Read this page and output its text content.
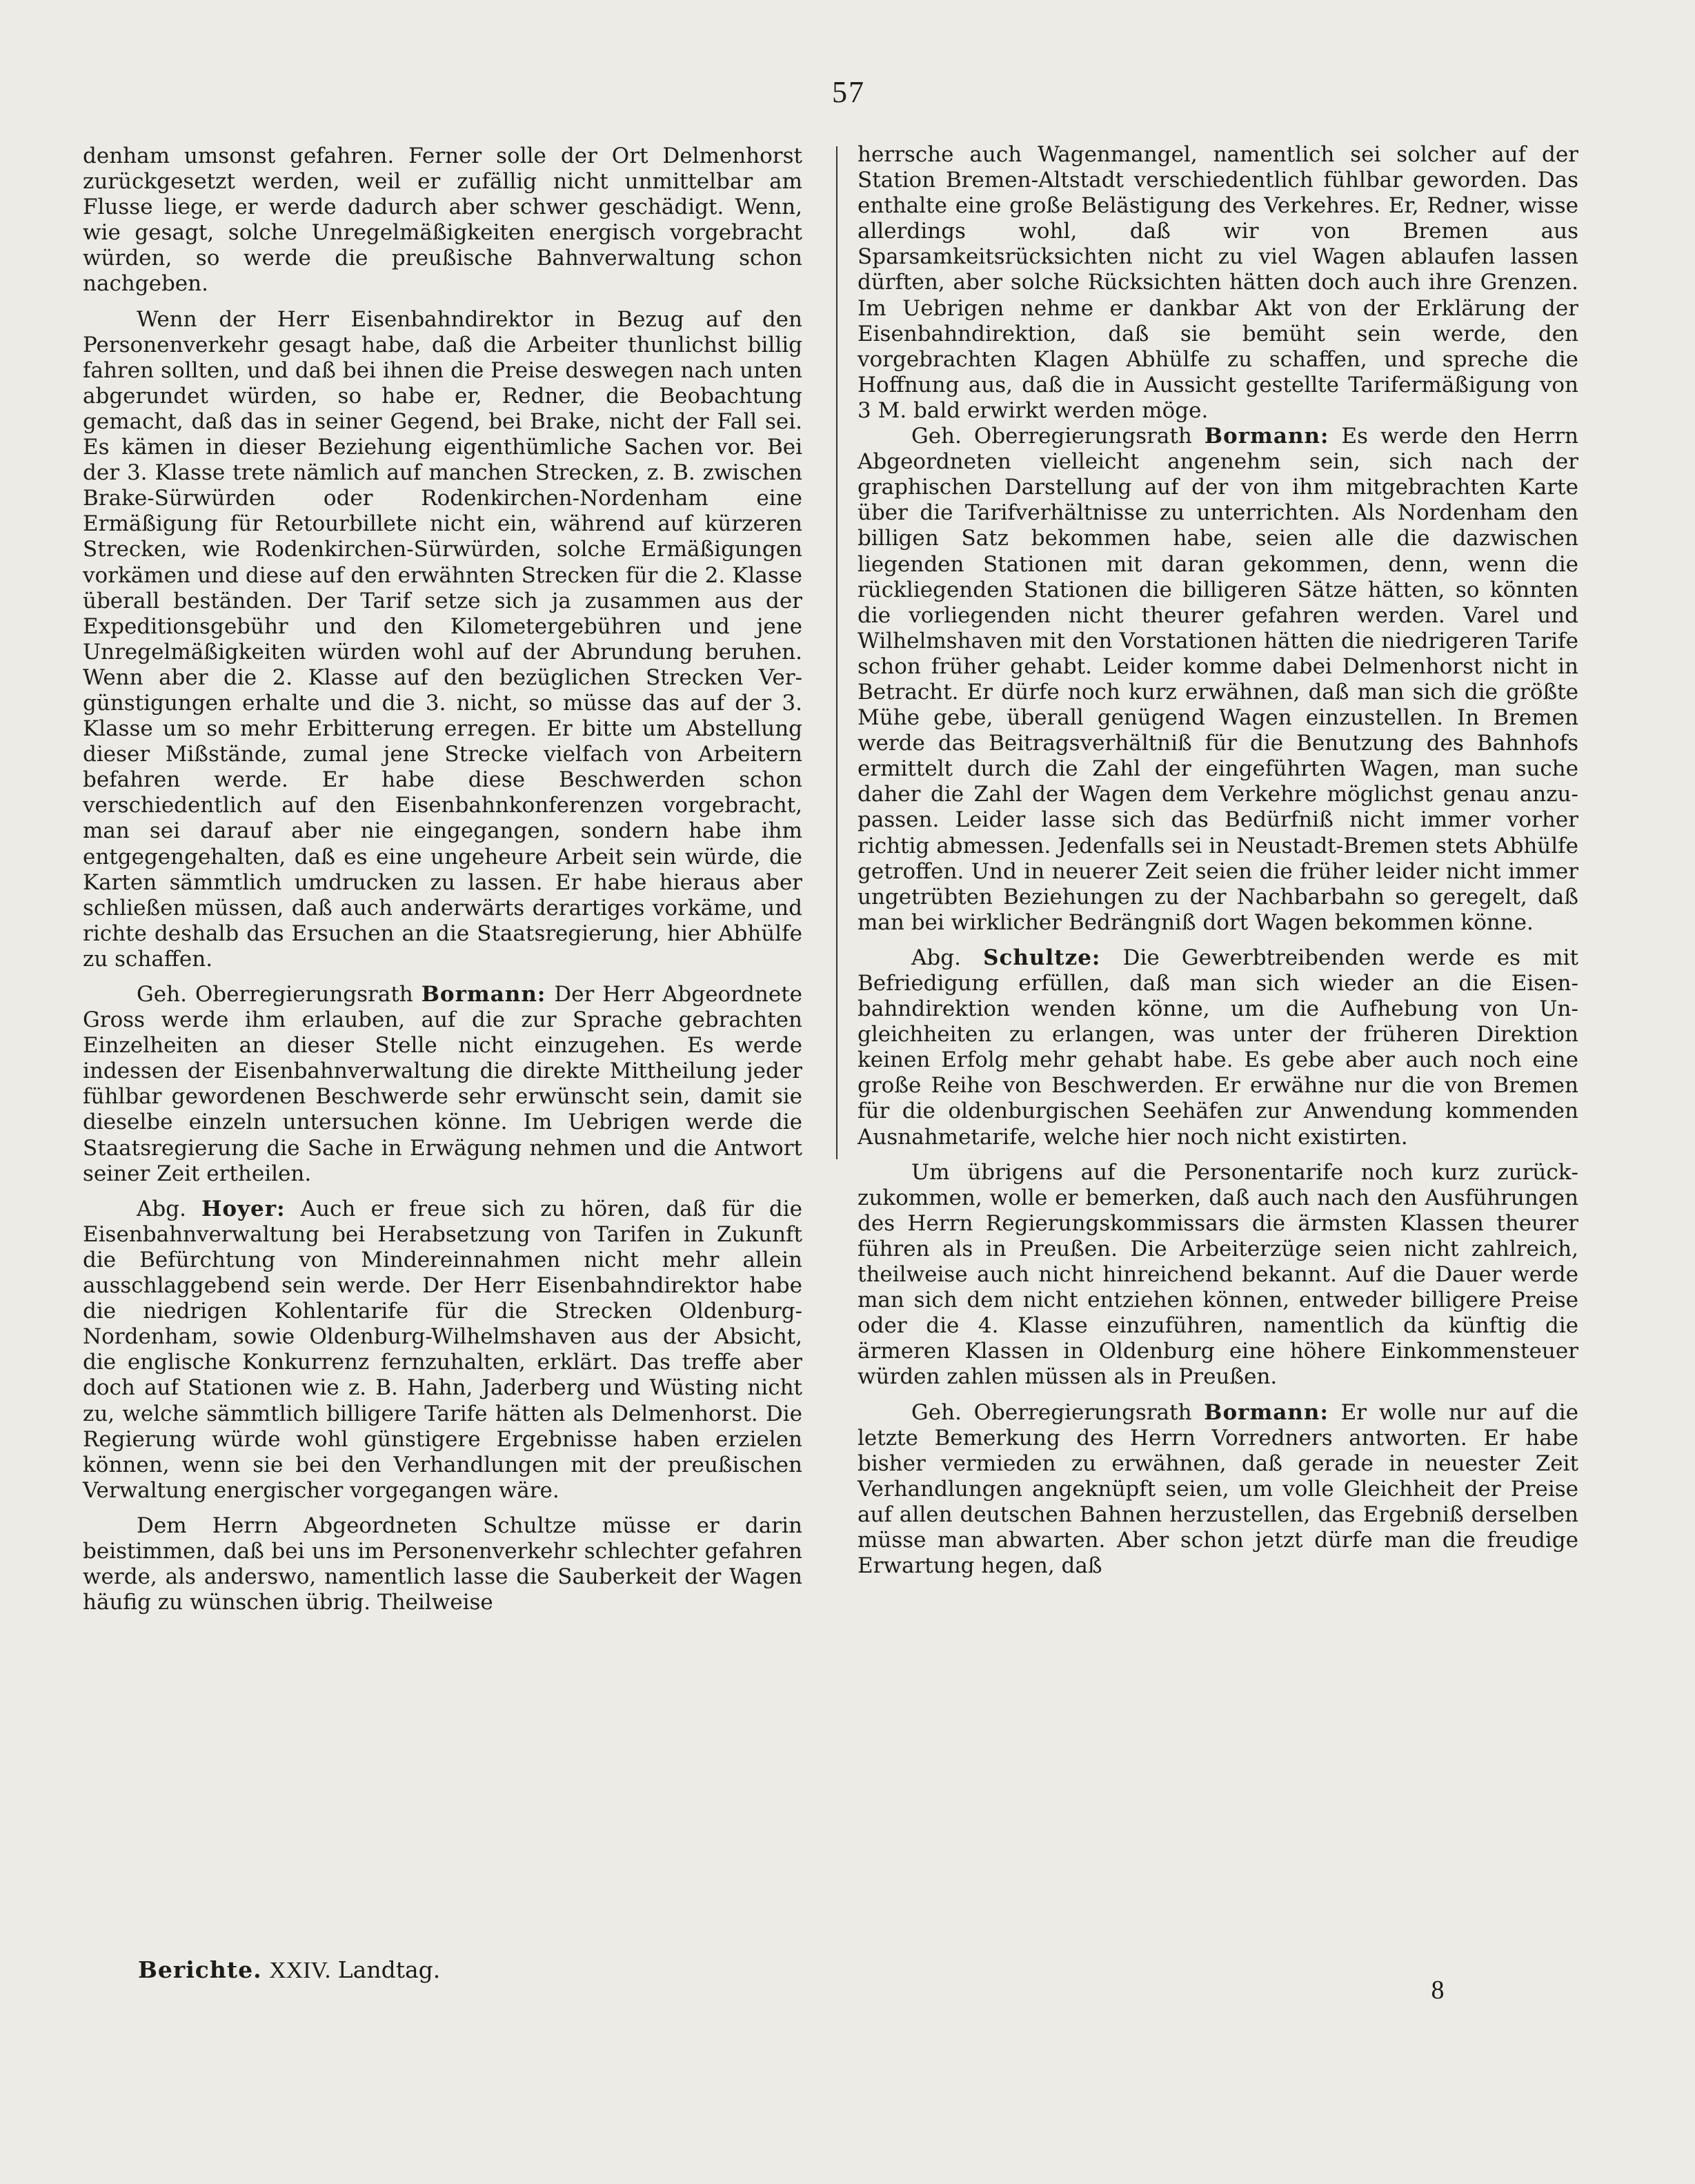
57

denham umsonst gefahren. Ferner solle der Ort Delmenhorst zurückgesetzt werden, weil er zufällig nicht unmittelbar am Flusse liege, er werde dadurch aber schwer geschädigt. Wenn, wie gesagt, solche Unregelmäßigkeiten energisch vorgebracht würden, so werde die preußische Bahnverwaltung schon nachgeben.

Wenn der Herr Eisenbahndirektor in Bezug auf den Personenverkehr gesagt habe, daß die Arbeiter thunlichst billig fahren sollten, und daß bei ihnen die Preise deswegen nach unten abgerundet würden, so habe er, Redner, die Beobachtung gemacht, daß das in seiner Gegend, bei Brake, nicht der Fall sei. Es kämen in dieser Beziehung eigenthümliche Sachen vor. Bei der 3. Klasse trete nämlich auf manchen Strecken, z. B. zwischen Brake-Sürwürden oder Rodenkirchen-Nordenham eine Ermäßigung für Retourbillete nicht ein, während auf kürzeren Strecken, wie Rodenkirchen-Sürwürden, solche Ermäßigungen vorkämen und diese auf den erwähnten Strecken für die 2. Klasse überall beständen. Der Tarif setze sich ja zusammen aus der Expeditionsgebühr und den Kilometergebühren und jene Unregelmäßigkeiten würden wohl auf der Abrundung beruhen. Wenn aber die 2. Klasse auf den bezüglichen Strecken Vergünstigungen erhalte und die 3. nicht, so müsse das auf der 3. Klasse um so mehr Erbitterung erregen. Er bitte um Abstellung dieser Mißstände, zumal jene Strecke vielfach von Arbeitern befahren werde. Er habe diese Beschwerden schon verschiedentlich auf den Eisenbahnkonferenzen vorgebracht, man sei darauf aber nie eingegangen, sondern habe ihm entgegengehalten, daß es eine ungeheure Arbeit sein würde, die Karten sämmtlich umdrucken zu lassen. Er habe hieraus aber schließen müssen, daß auch anderwärts derartiges vorkäme, und richte deshalb das Ersuchen an die Staatsregierung, hier Abhülfe zu schaffen.

Geh. Oberregierungsrath Bormann: Der Herr Abgeordnete Gross werde ihm erlauben, auf die zur Sprache gebrachten Einzelheiten an dieser Stelle nicht einzugehen. Es werde indessen der Eisenbahnverwaltung die direkte Mittheilung jeder fühlbar gewordenen Beschwerde sehr erwünscht sein, damit sie dieselbe einzeln untersuchen könne. Im Uebrigen werde die Staatsregierung die Sache in Erwägung nehmen und die Antwort seiner Zeit ertheilen.

Abg. Hoyer: Auch er freue sich zu hören, daß für die Eisenbahnverwaltung bei Herabsetzung von Tarifen in Zukunft die Befürchtung von Mindereinnahmen nicht mehr allein ausschlaggebend sein werde. Der Herr Eisenbahndirektor habe die niedrigen Kohlentarife für die Strecken Oldenburg-Nordenham, sowie Oldenburg-Wilhelmshaven aus der Absicht, die englische Konkurrenz fernzuhalten, erklärt. Das treffe aber doch auf Stationen wie z. B. Hahn, Jaderberg und Wüsting nicht zu, welche sämmtlich billigere Tarife hätten als Delmenhorst. Die Regierung würde wohl günstigere Ergebnisse haben erzielen können, wenn sie bei den Verhandlungen mit der preußischen Verwaltung energischer vorgegangen wäre.

Dem Herrn Abgeordneten Schultze müsse er darin beistimmen, daß bei uns im Personenverkehr schlechter gefahren werde, als anderswo, namentlich lasse die Sauberkeit der Wagen häufig zu wünschen übrig. Theilweise

herrsche auch Wagenmangel, namentlich sei solcher auf der Station Bremen-Altstadt verschiedentlich fühlbar geworden. Das enthalte eine große Belästigung des Verkehres. Er, Redner, wisse allerdings wohl, daß wir von Bremen aus Sparsamkeitsrücksichten nicht zu viel Wagen ablaufen lassen dürften, aber solche Rücksichten hätten doch auch ihre Grenzen. Im Uebrigen nehme er dankbar Akt von der Erklärung der Eisenbahndirektion, daß sie bemüht sein werde, den vorgebrachten Klagen Abhülfe zu schaffen, und spreche die Hoffnung aus, daß die in Aussicht gestellte Tarifermäßigung von 3 M. bald erwirkt werden möge.

Geh. Oberregierungsrath Bormann: Es werde den Herrn Abgeordneten vielleicht angenehm sein, sich nach der graphischen Darstellung auf der von ihm mitgebrachten Karte über die Tarifverhältnisse zu unterrichten. Als Nordenham den billigen Satz bekommen habe, seien alle die dazwischen liegenden Stationen mit daran gekommen, denn, wenn die rückliegenden Stationen die billigeren Sätze hätten, so könnten die vorliegenden nicht theurer gefahren werden. Varel und Wilhelmshaven mit den Vorstationen hätten die niedrigeren Tarife schon früher gehabt. Leider komme dabei Delmenhorst nicht in Betracht. Er dürfe noch kurz erwähnen, daß man sich die größte Mühe gebe, überall genügend Wagen einzustellen. In Bremen werde das Beitragsverhältniß für die Benutzung des Bahnhofs ermittelt durch die Zahl der eingeführten Wagen, man suche daher die Zahl der Wagen dem Verkehre möglichst genau anzupassen. Leider lasse sich das Bedürfniß nicht immer vorher richtig abmessen. Jedenfalls sei in Neustadt-Bremen stets Abhülfe getroffen. Und in neuerer Zeit seien die früher leider nicht immer ungetrübten Beziehungen zu der Nachbarbahn so geregelt, daß man bei wirklicher Bedrängniß dort Wagen bekommen könne.

Abg. Schultze: Die Gewerbtreibenden werde es mit Befriedigung erfüllen, daß man sich wieder an die Eisenbahndirektion wenden könne, um die Aufhebung von Ungleichheiten zu erlangen, was unter der früheren Direktion keinen Erfolg mehr gehabt habe. Es gebe aber auch noch eine große Reihe von Beschwerden. Er erwähne nur die von Bremen für die oldenburgischen Seehäfen zur Anwendung kommenden Ausnahmetarife, welche hier noch nicht existirten.

Um übrigens auf die Personentarife noch kurz zurückzukommen, wolle er bemerken, daß auch nach den Ausführungen des Herrn Regierungskommissars die ärmsten Klassen theurer führen als in Preußen. Die Arbeiterzüge seien nicht zahlreich, theilweise auch nicht hinreichend bekannt. Auf die Dauer werde man sich dem nicht entziehen können, entweder billigere Preise oder die 4. Klasse einzuführen, namentlich da künftig die ärmeren Klassen in Oldenburg eine höhere Einkommensteuer würden zahlen müssen als in Preußen.

Geh. Oberregierungsrath Bormann: Er wolle nur auf die letzte Bemerkung des Herrn Vorredners antworten. Er habe bisher vermieden zu erwähnen, daß gerade in neuester Zeit Verhandlungen angeknüpft seien, um volle Gleichheit der Preise auf allen deutschen Bahnen herzustellen, das Ergebniß derselben müsse man abwarten. Aber schon jetzt dürfe man die freudige Erwartung hegen, daß

Berichte. XXIV. Landtag.
8
